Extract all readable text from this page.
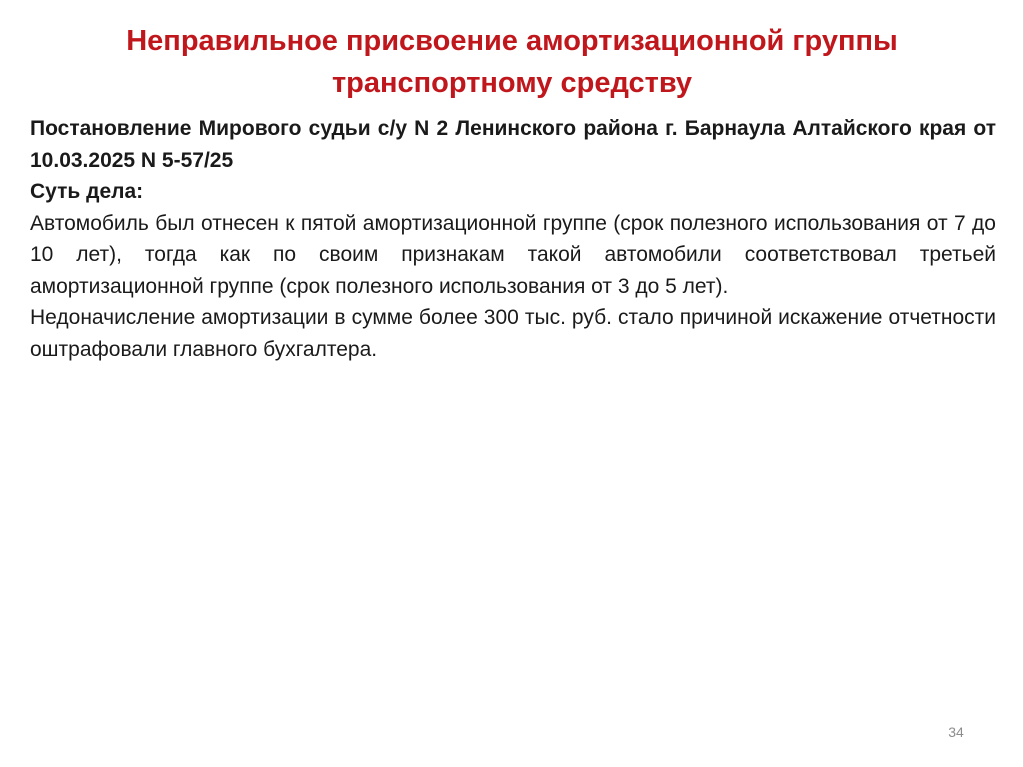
Неправильное присвоение амортизационной группы
транспортному средству

Постановление Мирового судьи с/у N 2 Ленинского района г. Барнаула Алтайского края от 10.03.2025 N 5-57/25

Суть дела:

Автомобиль был отнесен к пятой амортизационной группе (срок полезного использования от 7 до 10 лет), тогда как по своим признакам такой автомобили соответствовал третьей амортизационной группе (срок полезного использования от 3 до 5 лет).

Недоначисление амортизации в сумме более 300 тыс. руб. стало причиной искажение отчетности оштрафовали главного бухгалтера.

34
